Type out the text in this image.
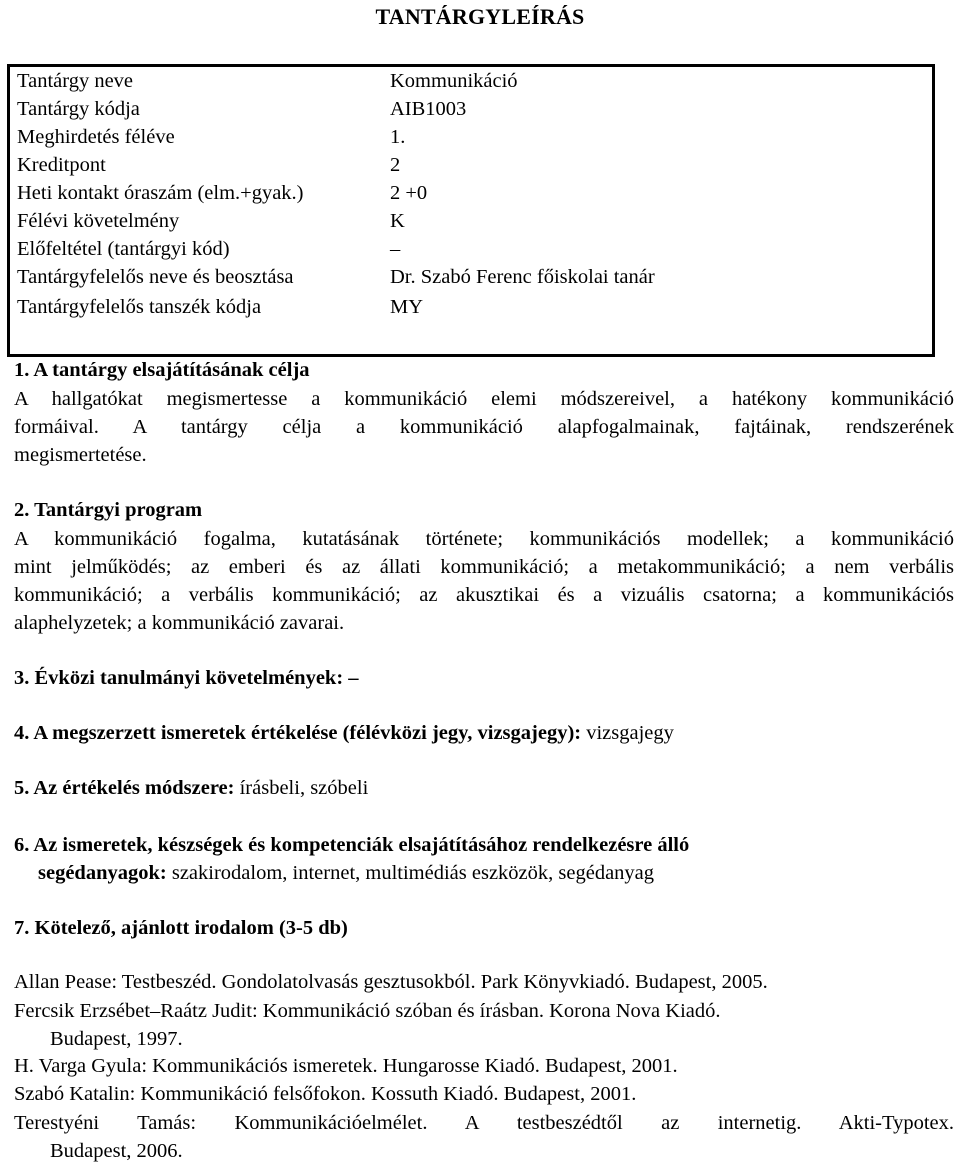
TANTÁRGYLEÍRÁS
Tantárgy neve	Kommunikáció
Tantárgy kódja	AIB1003
Meghirdetés féléve	1.
Kreditpont	2
Heti kontakt óraszám (elm.+gyak.)	2 +0
Félévi követelmény	K
Előfeltétel (tantárgyi kód)	–
Tantárgyfelelős neve és beosztása	Dr. Szabó Ferenc főiskolai tanár
Tantárgyfelelős tanszék kódja	MY
1. A tantárgy elsajátításának célja
A hallgatókat megismertesse a kommunikáció elemi módszereivel, a hatékony kommunikáció
formáival. A tantárgy célja a kommunikáció alapfogalmainak, fajtáinak, rendszerének
megismertetése.
2. Tantárgyi program
A kommunikáció fogalma, kutatásának története; kommunikációs modellek; a kommunikáció
mint jelműködés; az emberi és az állati kommunikáció; a metakommunikáció; a nem verbális
kommunikáció; a verbális kommunikáció; az akusztikai és a vizuális csatorna; a kommunikációs
alaphelyzetek; a kommunikáció zavarai.
3. Évközi tanulmányi követelmények: –
4. A megszerzett ismeretek értékelése (félévközi jegy, vizsgajegy): vizsgajegy
5. Az értékelés módszere: írásbeli, szóbeli
6. Az ismeretek, készségek és kompetenciák elsajátításához rendelkezésre álló
segédanyagok: szakirodalom, internet, multimédiás eszközök, segédanyag
7. Kötelező, ajánlott irodalom (3-5 db)
Allan Pease: Testbeszéd. Gondolatolvasás gesztusokból. Park Könyvkiadó. Budapest, 2005.
Fercsik Erzsébet–Raátz Judit: Kommunikáció szóban és írásban. Korona Nova Kiadó.
Budapest, 1997.
H. Varga Gyula: Kommunikációs ismeretek. Hungarosse Kiadó. Budapest, 2001.
Szabó Katalin: Kommunikáció felsőfokon. Kossuth Kiadó. Budapest, 2001.
Terestyéni Tamás: Kommunikációelmélet. A testbeszédtől az internetig. Akti-Typotex.
Budapest, 2006.
